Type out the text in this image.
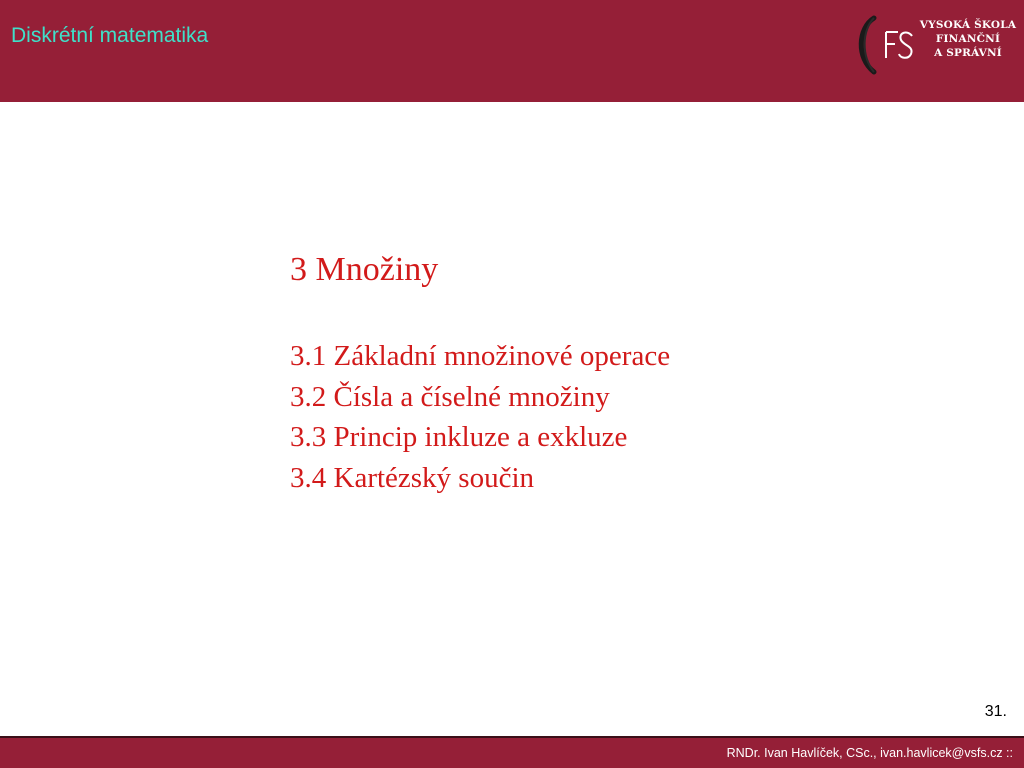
Diskrétní matematika	VYSOKÁ ŠKOLA
FINANČNÍ
A SPRÁVNÍ
3 Množiny
3.1 Základní množinové operace
3.2 Čísla a číselné množiny
3.3 Princip inkluze a exkluze
3.4 Kartézský součin
31.
RNDr. Ivan Havlíček, CSc., ivan.havlicek@vsfs.cz ::
